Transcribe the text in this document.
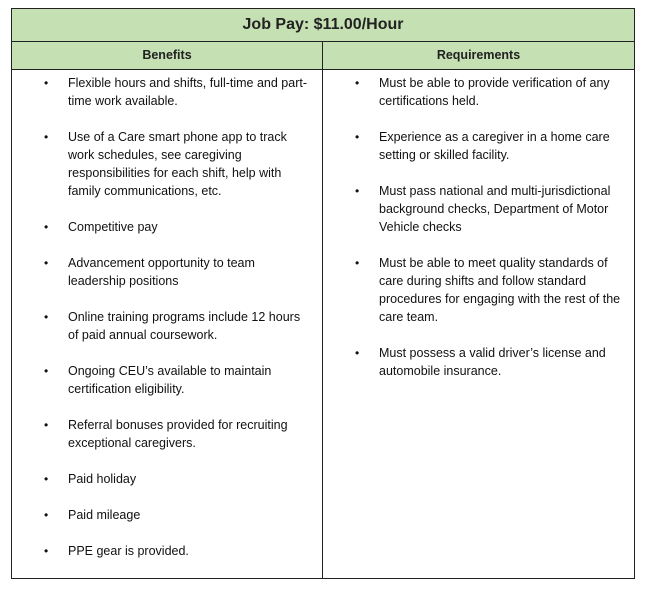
Job Pay: $11.00/Hour
Benefits	Requirements
• Flexible hours and shifts, full-time and part-time work available.
• Use of a Care smart phone app to track work schedules, see caregiving responsibilities for each shift, help with family communications, etc.
• Competitive pay
• Advancement opportunity to team leadership positions
• Online training programs include 12 hours of paid annual coursework.
• Ongoing CEU’s available to maintain certification eligibility.
• Referral bonuses provided for recruiting exceptional caregivers.
• Paid holiday
• Paid mileage
• PPE gear is provided.
• Must be able to provide verification of any certifications held.
• Experience as a caregiver in a home care setting or skilled facility.
• Must pass national and multi-jurisdictional background checks, Department of Motor Vehicle checks
• Must be able to meet quality standards of care during shifts and follow standard procedures for engaging with the rest of the care team.
• Must possess a valid driver’s license and automobile insurance.
